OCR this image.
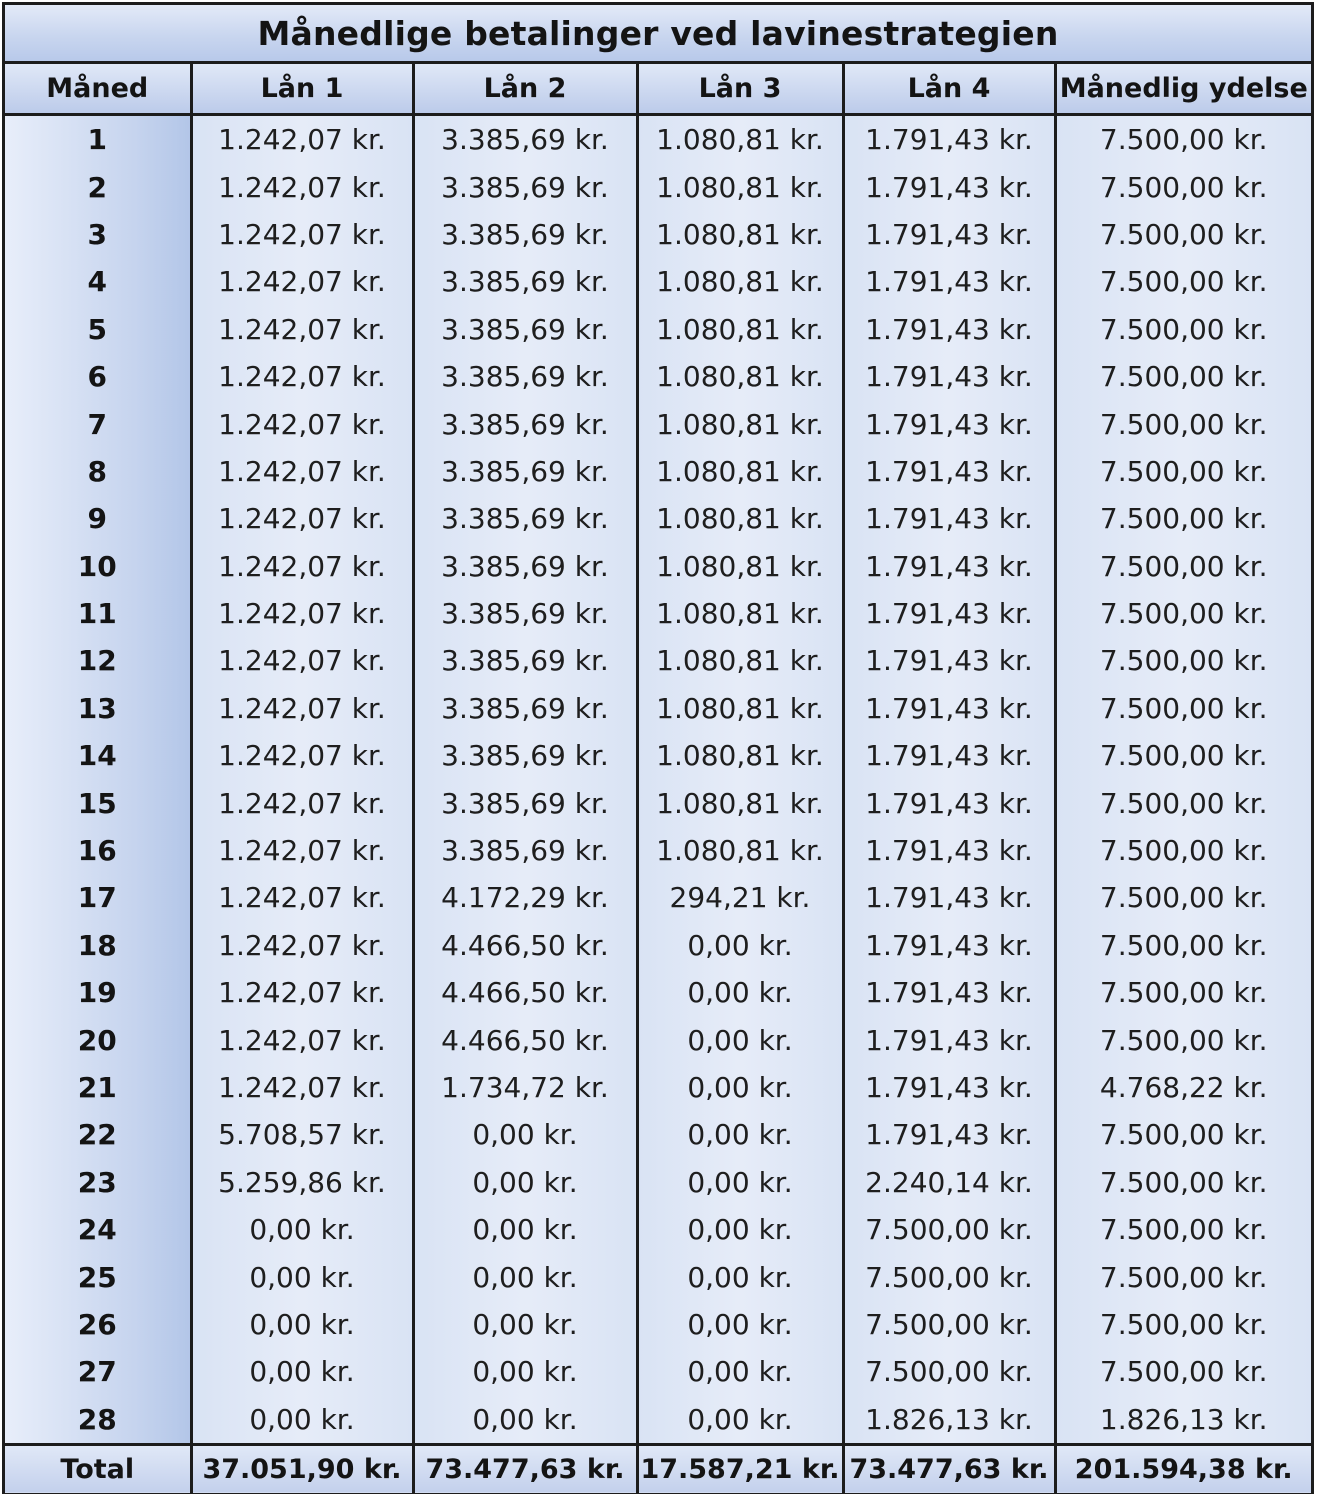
Månedlige betalinger ved lavinestrategien
Måned	Lån 1	Lån 2	Lån 3	Lån 4	Månedlig ydelse
1	1.242,07 kr.	3.385,69 kr.	1.080,81 kr.	1.791,43 kr.	7.500,00 kr.
2	1.242,07 kr.	3.385,69 kr.	1.080,81 kr.	1.791,43 kr.	7.500,00 kr.
3	1.242,07 kr.	3.385,69 kr.	1.080,81 kr.	1.791,43 kr.	7.500,00 kr.
4	1.242,07 kr.	3.385,69 kr.	1.080,81 kr.	1.791,43 kr.	7.500,00 kr.
5	1.242,07 kr.	3.385,69 kr.	1.080,81 kr.	1.791,43 kr.	7.500,00 kr.
6	1.242,07 kr.	3.385,69 kr.	1.080,81 kr.	1.791,43 kr.	7.500,00 kr.
7	1.242,07 kr.	3.385,69 kr.	1.080,81 kr.	1.791,43 kr.	7.500,00 kr.
8	1.242,07 kr.	3.385,69 kr.	1.080,81 kr.	1.791,43 kr.	7.500,00 kr.
9	1.242,07 kr.	3.385,69 kr.	1.080,81 kr.	1.791,43 kr.	7.500,00 kr.
10	1.242,07 kr.	3.385,69 kr.	1.080,81 kr.	1.791,43 kr.	7.500,00 kr.
11	1.242,07 kr.	3.385,69 kr.	1.080,81 kr.	1.791,43 kr.	7.500,00 kr.
12	1.242,07 kr.	3.385,69 kr.	1.080,81 kr.	1.791,43 kr.	7.500,00 kr.
13	1.242,07 kr.	3.385,69 kr.	1.080,81 kr.	1.791,43 kr.	7.500,00 kr.
14	1.242,07 kr.	3.385,69 kr.	1.080,81 kr.	1.791,43 kr.	7.500,00 kr.
15	1.242,07 kr.	3.385,69 kr.	1.080,81 kr.	1.791,43 kr.	7.500,00 kr.
16	1.242,07 kr.	3.385,69 kr.	1.080,81 kr.	1.791,43 kr.	7.500,00 kr.
17	1.242,07 kr.	4.172,29 kr.	294,21 kr.	1.791,43 kr.	7.500,00 kr.
18	1.242,07 kr.	4.466,50 kr.	0,00 kr.	1.791,43 kr.	7.500,00 kr.
19	1.242,07 kr.	4.466,50 kr.	0,00 kr.	1.791,43 kr.	7.500,00 kr.
20	1.242,07 kr.	4.466,50 kr.	0,00 kr.	1.791,43 kr.	7.500,00 kr.
21	1.242,07 kr.	1.734,72 kr.	0,00 kr.	1.791,43 kr.	4.768,22 kr.
22	5.708,57 kr.	0,00 kr.	0,00 kr.	1.791,43 kr.	7.500,00 kr.
23	5.259,86 kr.	0,00 kr.	0,00 kr.	2.240,14 kr.	7.500,00 kr.
24	0,00 kr.	0,00 kr.	0,00 kr.	7.500,00 kr.	7.500,00 kr.
25	0,00 kr.	0,00 kr.	0,00 kr.	7.500,00 kr.	7.500,00 kr.
26	0,00 kr.	0,00 kr.	0,00 kr.	7.500,00 kr.	7.500,00 kr.
27	0,00 kr.	0,00 kr.	0,00 kr.	7.500,00 kr.	7.500,00 kr.
28	0,00 kr.	0,00 kr.	0,00 kr.	1.826,13 kr.	1.826,13 kr.
Total	37.051,90 kr.	73.477,63 kr.	17.587,21 kr.	73.477,63 kr.	201.594,38 kr.
